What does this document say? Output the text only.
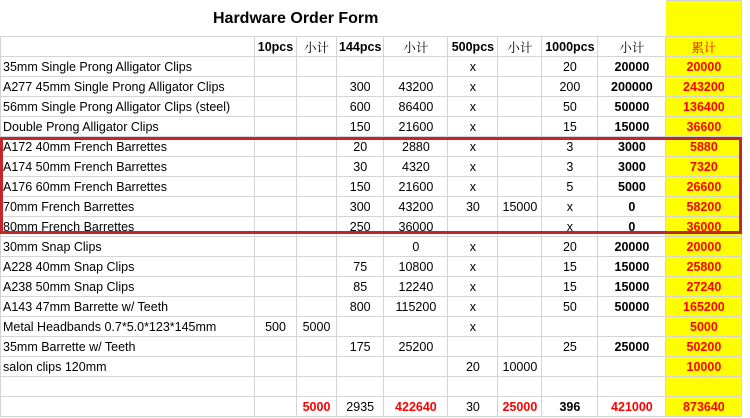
Hardware Order Form									
	10pcs	小计	144pcs	小计	500pcs	小计	1000pcs	小计	累计
35mm Single Prong Alligator Clips					x		20	20000	20000
A277 45mm Single Prong Alligator Clips			300	43200	x		200	200000	243200
56mm Single Prong Alligator Clips (steel)			600	86400	x		50	50000	136400
Double Prong Alligator Clips			150	21600	x		15	15000	36600
A172 40mm French Barrettes			20	2880	x		3	3000	5880
A174 50mm French Barrettes			30	4320	x		3	3000	7320
A176 60mm French Barrettes			150	21600	x		5	5000	26600
70mm French Barrettes			300	43200	30	15000	x	0	58200
80mm French Barrettes			250	36000			x	0	36000
30mm Snap Clips				0	x		20	20000	20000
A228 40mm Snap Clips			75	10800	x		15	15000	25800
A238 50mm Snap Clips			85	12240	x		15	15000	27240
A143 47mm Barrette w/ Teeth			800	115200	x		50	50000	165200
Metal Headbands 0.7*5.0*123*145mm	500	5000			x				5000
35mm Barrette w/ Teeth			175	25200			25	25000	50200
salon clips 120mm					20	10000			10000

		5000	2935	422640	30	25000	396	421000	873640
